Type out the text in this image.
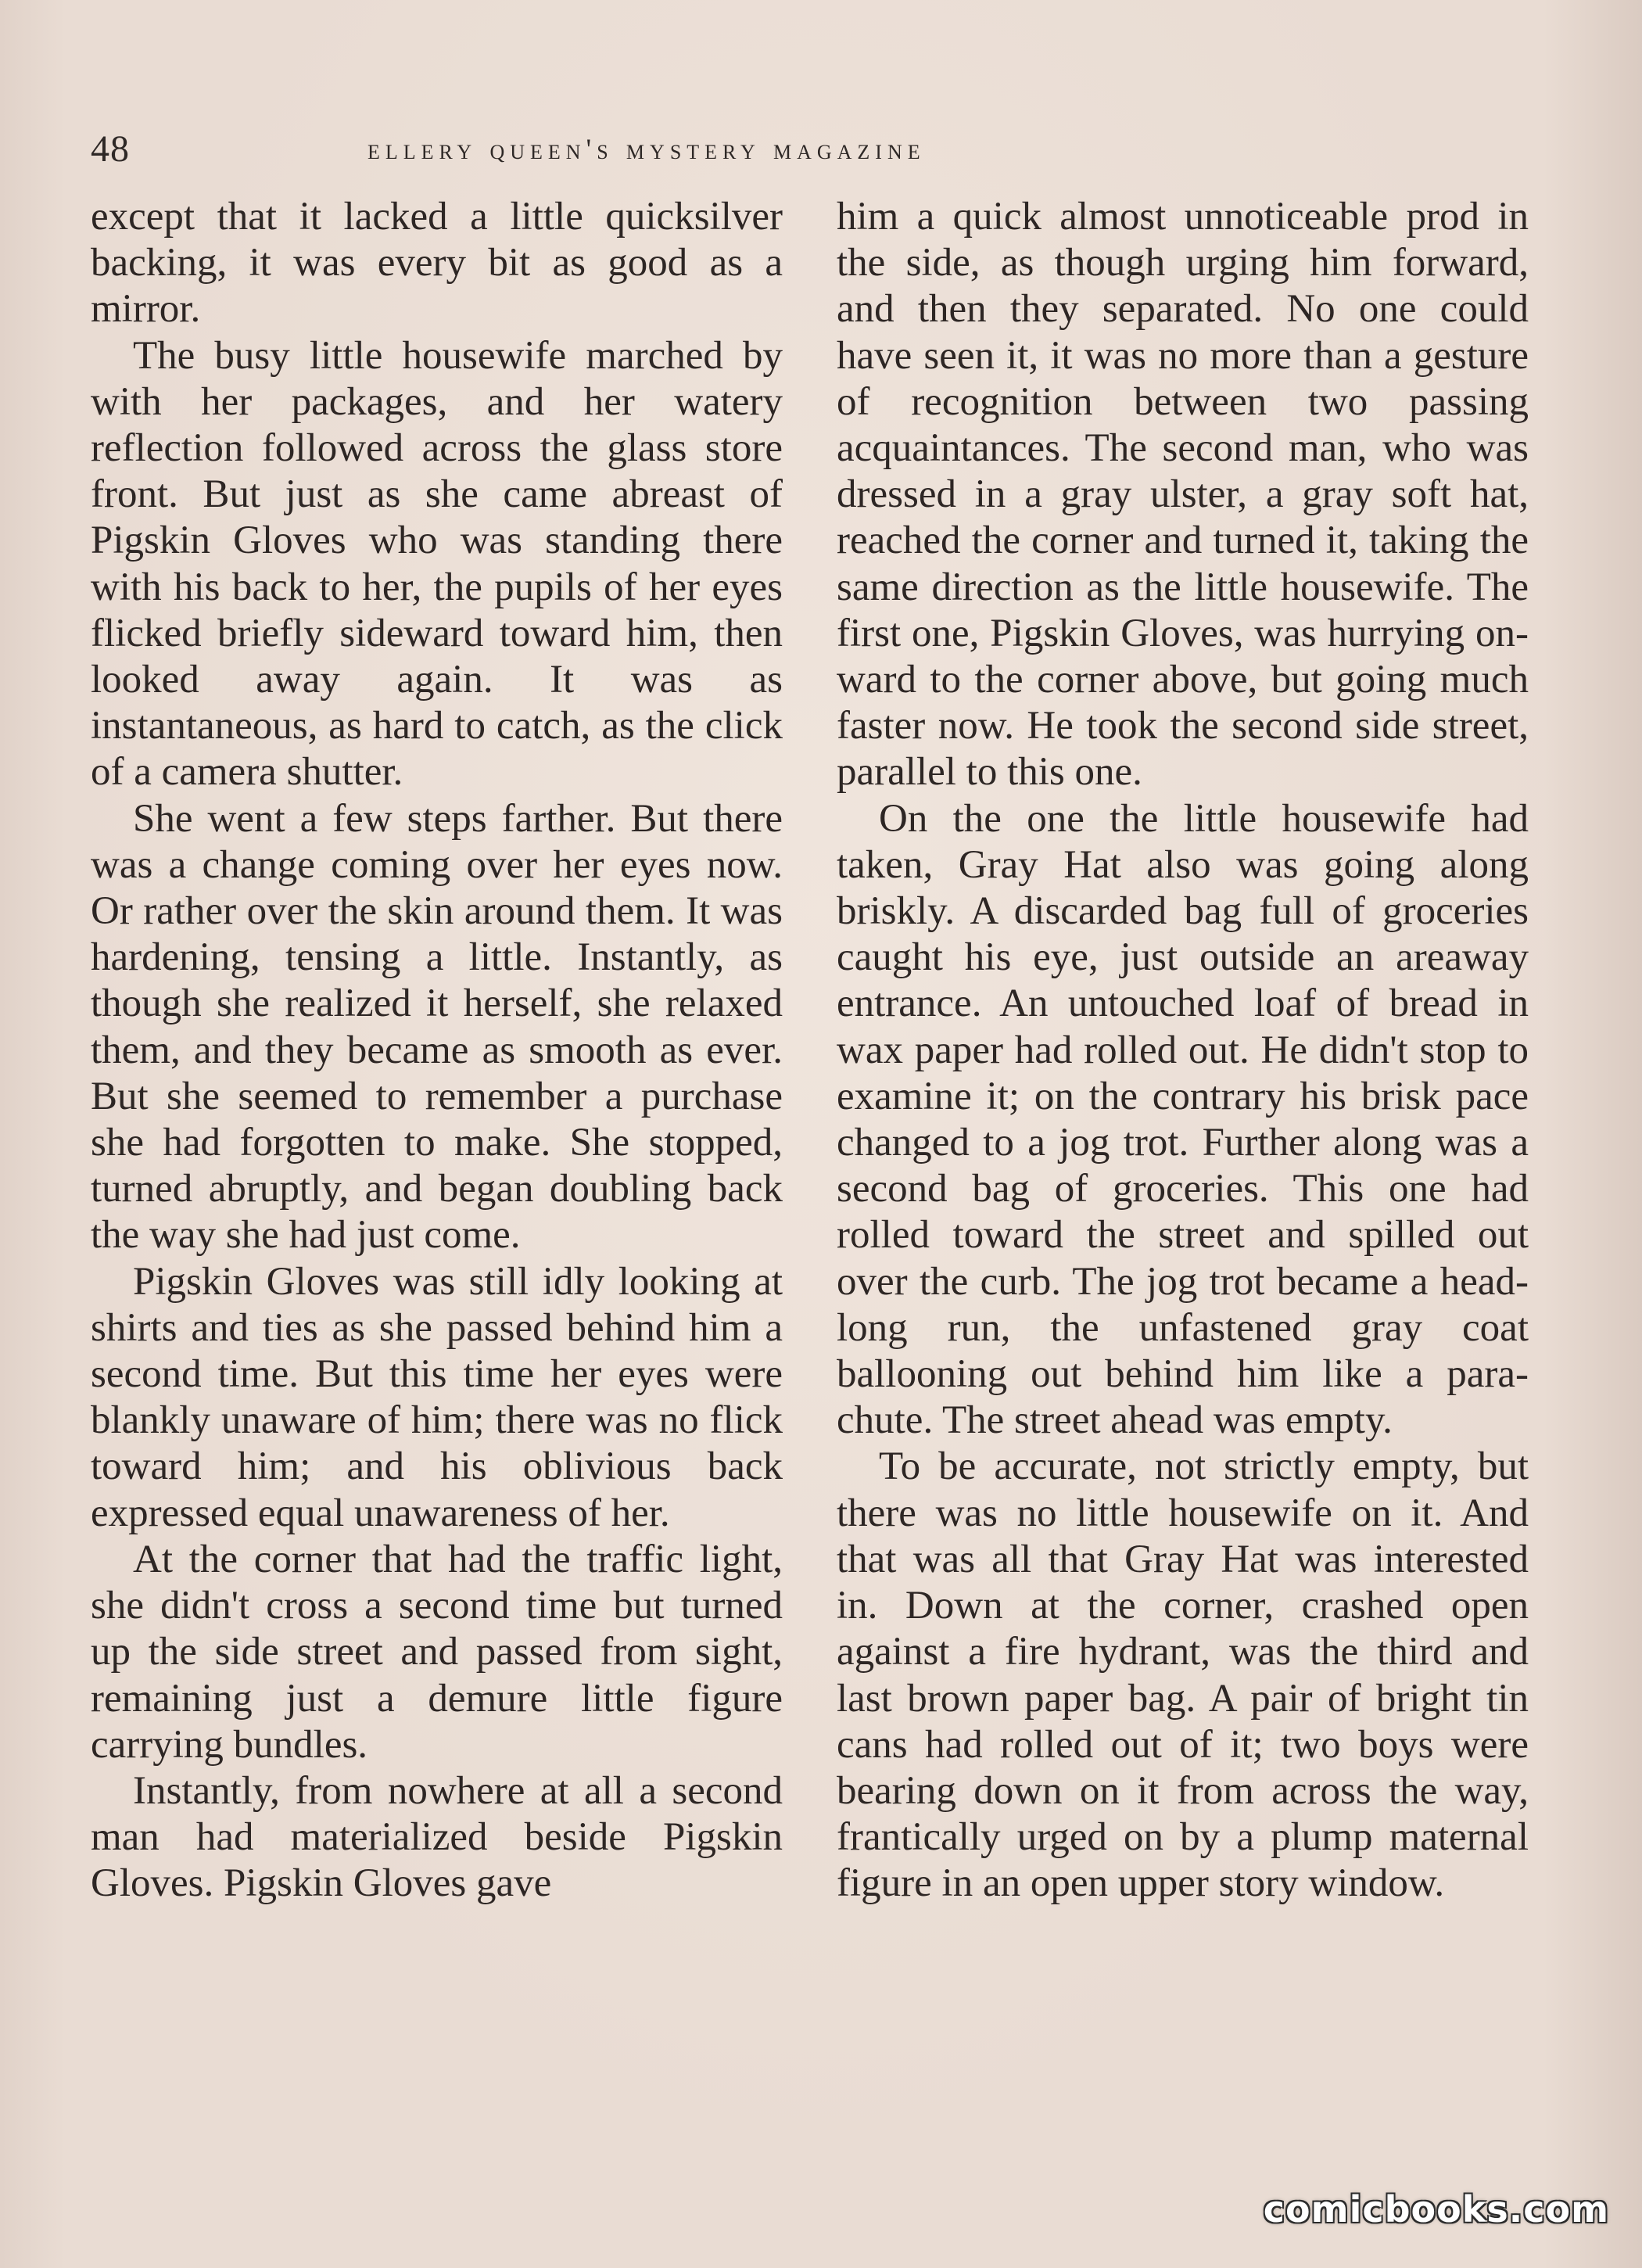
48	ellery queen's mystery magazine

except that it lacked a little quicksilver backing, it was every bit as good as a mirror.

The busy little housewife marched by with her packages, and her watery reflection followed across the glass store front. But just as she came abreast of Pigskin Gloves who was standing there with his back to her, the pupils of her eyes flicked briefly sideward toward him, then looked away again. It was as instantaneous, as hard to catch, as the click of a camera shutter.

She went a few steps farther. But there was a change coming over her eyes now. Or rather over the skin around them. It was hardening, tensing a little. Instantly, as though she realized it herself, she relaxed them, and they became as smooth as ever. But she seemed to remember a purchase she had forgotten to make. She stopped, turned abruptly, and began doubling back the way she had just come.

Pigskin Gloves was still idly looking at shirts and ties as she passed behind him a second time. But this time her eyes were blankly unaware of him; there was no flick toward him; and his oblivious back expressed equal unawareness of her.

At the corner that had the traffic light, she didn't cross a second time but turned up the side street and passed from sight, remaining just a demure little figure carrying bundles.

Instantly, from nowhere at all a second man had materialized beside Pigskin Gloves. Pigskin Gloves gave

him a quick almost unnoticeable prod in the side, as though urging him forward, and then they separated. No one could have seen it, it was no more than a gesture of recognition between two passing acquaintances. The second man, who was dressed in a gray ulster, a gray soft hat, reached the corner and turned it, taking the same direction as the little housewife. The first one, Pigskin Gloves, was hurrying onward to the corner above, but going much faster now. He took the second side street, parallel to this one.

On the one the little housewife had taken, Gray Hat also was going along briskly. A discarded bag full of groceries caught his eye, just outside an areaway entrance. An untouched loaf of bread in wax paper had rolled out. He didn't stop to examine it; on the contrary his brisk pace changed to a jog trot. Further along was a second bag of groceries. This one had rolled toward the street and spilled out over the curb. The jog trot became a headlong run, the unfastened gray coat ballooning out behind him like a parachute. The street ahead was empty.

To be accurate, not strictly empty, but there was no little housewife on it. And that was all that Gray Hat was interested in. Down at the corner, crashed open against a fire hydrant, was the third and last brown paper bag. A pair of bright tin cans had rolled out of it; two boys were bearing down on it from across the way, frantically urged on by a plump maternal figure in an open upper story window.

comicbooks.com
